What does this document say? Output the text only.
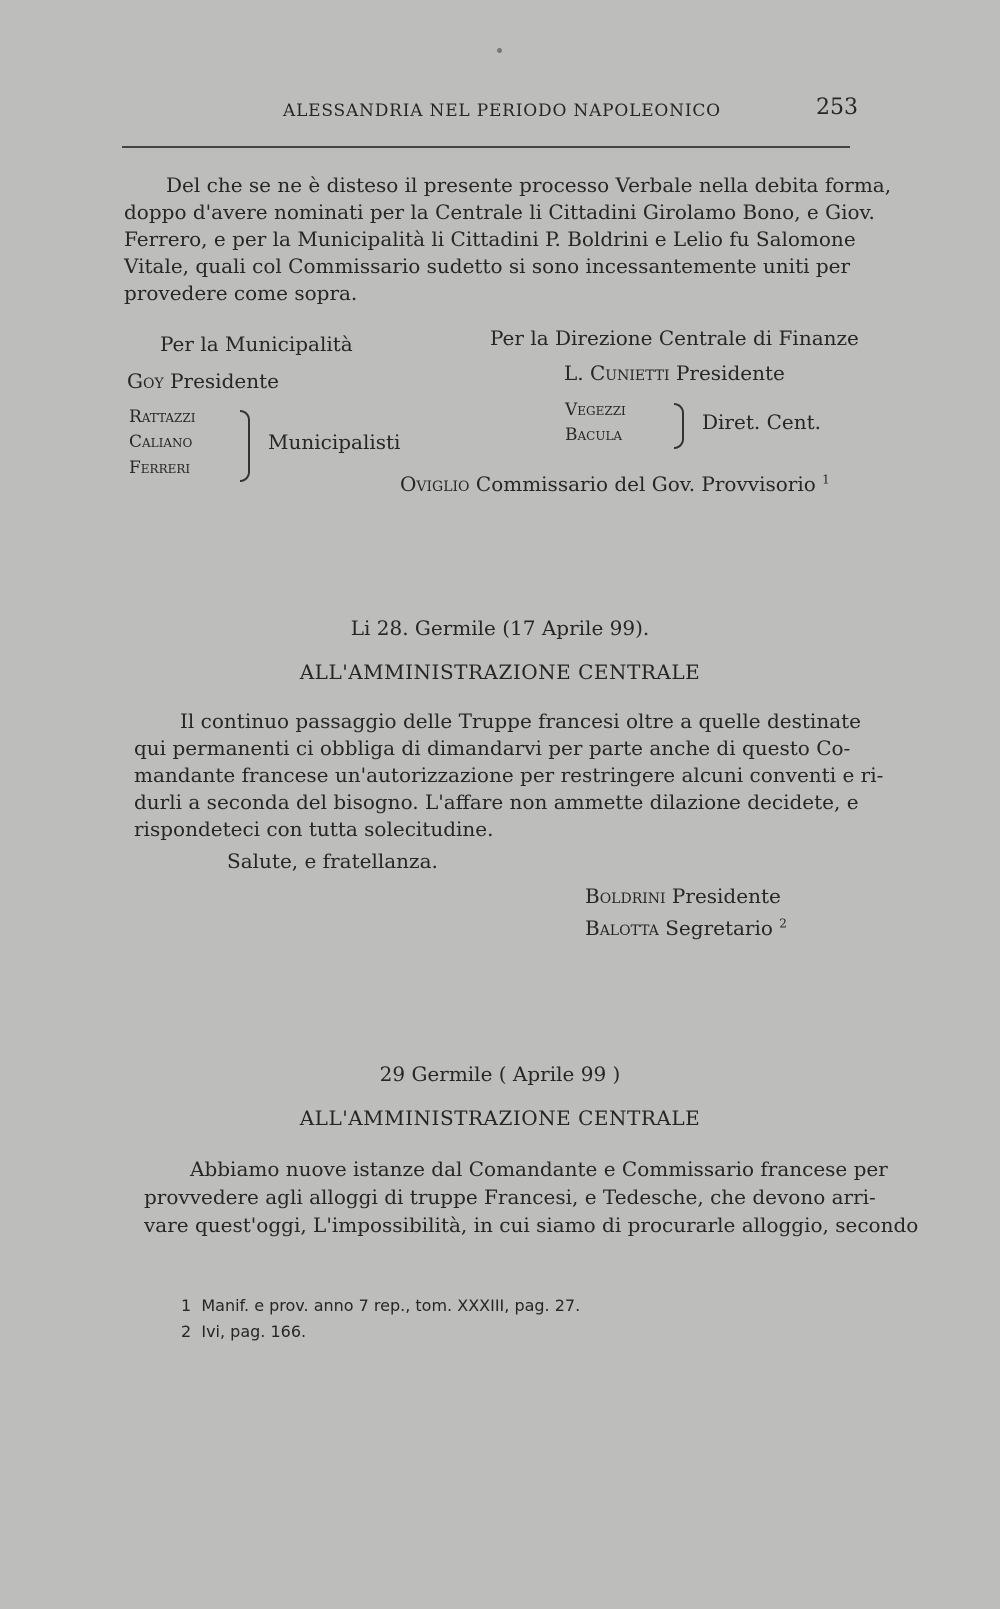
ALESSANDRIA NEL PERIODO NAPOLEONICO	253
Del che se ne è disteso il presente processo Verbale nella debita forma,
doppo d'avere nominati per la Centrale li Cittadini Girolamo Bono, e Giov.
Ferrero, e per la Municipalità li Cittadini P. Boldrini e Lelio fu Salomone
Vitale, quali col Commissario sudetto si sono incessantemente uniti per
provedere come sopra.
Per la Municipalità	Per la Direzione Centrale di Finanze
Goy Presidente	L. Cunietti Presidente
Rattazzi
Caliano
Ferreri
Municipalisti
Vegezzi
Bacula
Diret. Cent.
Oviglio Commissario del Gov. Provvisorio $^1$
Li 28. Germile (17 Aprile 99).
ALL'AMMINISTRAZIONE CENTRALE
Il continuo passaggio delle Truppe francesi oltre a quelle destinate
qui permanenti ci obbliga di dimandarvi per parte anche di questo Co-
mandante francese un'autorizzazione per restringere alcuni conventi e ri-
durli a seconda del bisogno. L'affare non ammette dilazione decidete, e
rispondeteci con tutta solecitudine.
Salute, e fratellanza.
Boldrini Presidente
Balotta Segretario $^2$
29 Germile ( Aprile 99 )
ALL'AMMINISTRAZIONE CENTRALE
Abbiamo nuove istanze dal Comandante e Commissario francese per
provvedere agli alloggi di truppe Francesi, e Tedesche, che devono arri-
vare quest'oggi, L'impossibilità, in cui siamo di procurarle alloggio, secondo
1 Manif. e prov. anno 7 rep., tom. XXXIII, pag. 27.
2 Ivi, pag. 166.
